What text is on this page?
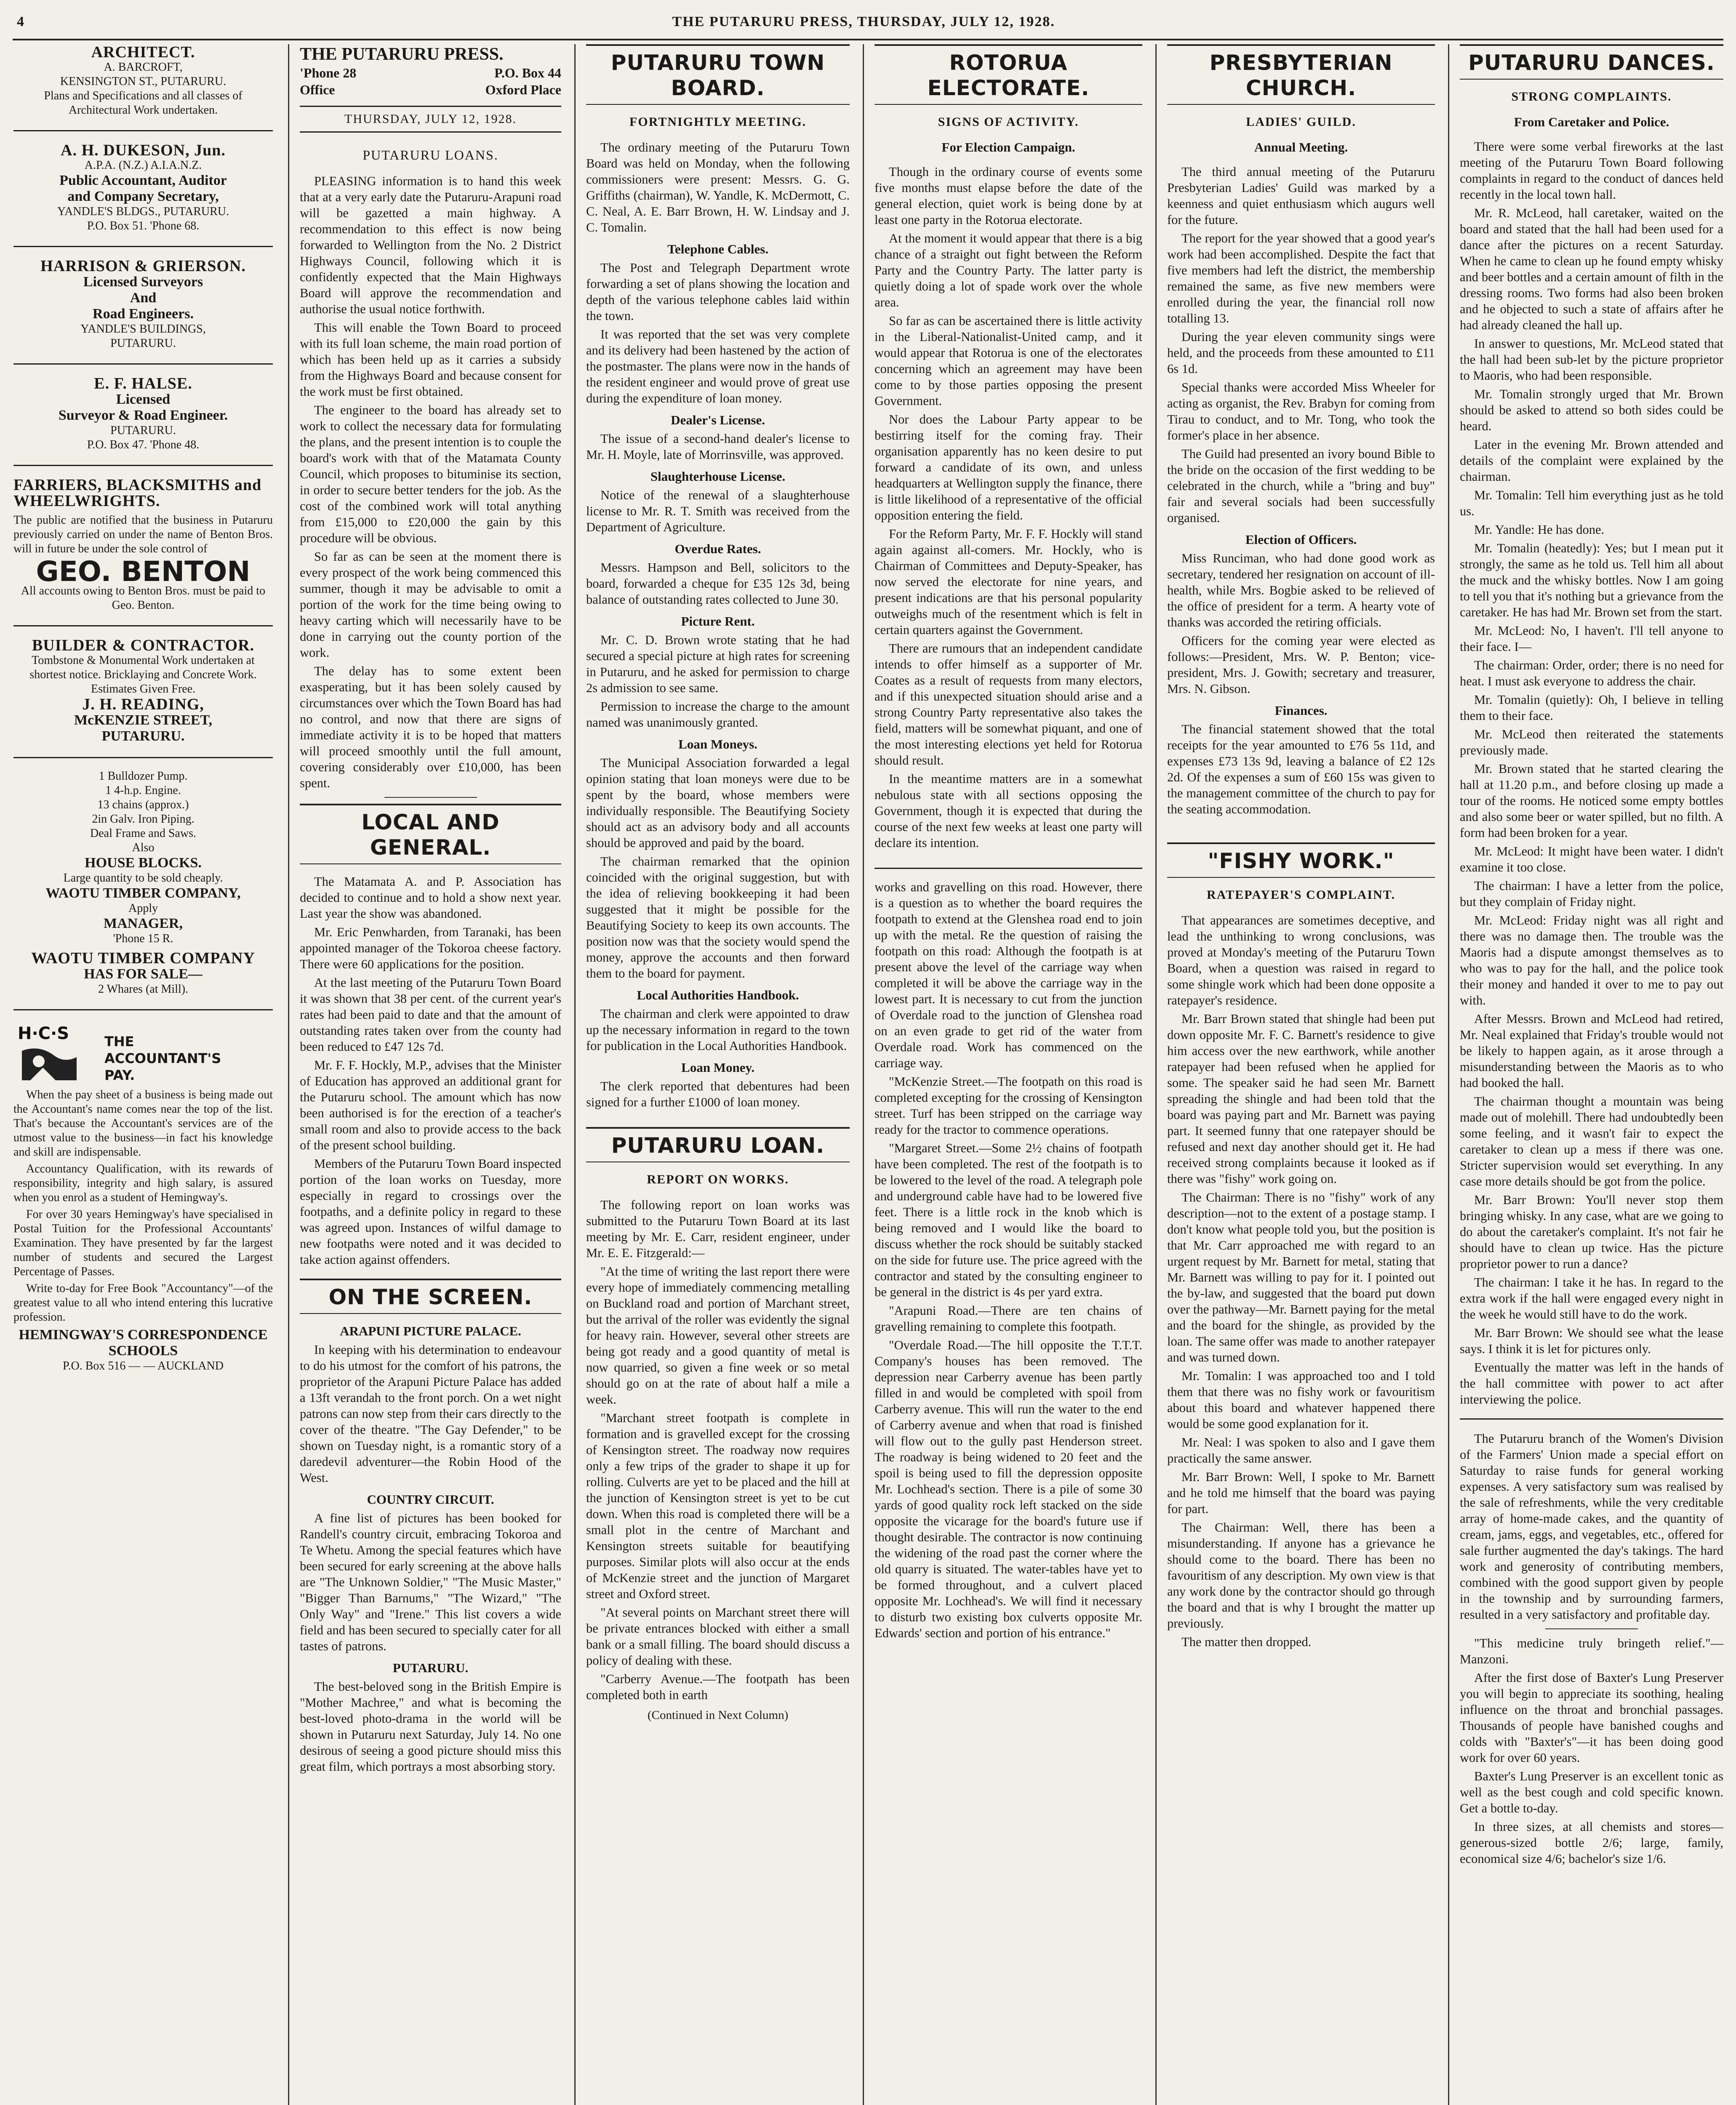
4	THE PUTARURU PRESS, THURSDAY, JULY 12, 1928.
ARCHITECT.
A. BARCROFT,
KENSINGTON ST., PUTARURU.
Plans and Specifications and all classes of Architectural Work undertaken.
A. H. DUKESON, Jun.
A.P.A. (N.Z.) A.I.A.N.Z.
Public Accountant, Auditor
and Company Secretary,
YANDLE'S BLDGS., PUTARURU.
P.O. Box 51. 'Phone 68.
HARRISON & GRIERSON.
Licensed Surveyors
And
Road Engineers.
YANDLE'S BUILDINGS,
PUTARURU.
E. F. HALSE.
Licensed
Surveyor & Road Engineer.
PUTARURU.
P.O. Box 47. 'Phone 48.
FARRIERS, BLACKSMITHS and WHEELWRIGHTS.
The public are notified that the business in Putaruru previously carried on under the name of Benton Bros. will in future be under the sole control of
GEO. BENTON
All accounts owing to Benton Bros. must be paid to Geo. Benton.
BUILDER & CONTRACTOR.
Tombstone & Monumental Work undertaken at shortest notice. Bricklaying and Concrete Work.
Estimates Given Free.
J. H. READING,
McKENZIE STREET,
PUTARURU.
1 Bulldozer Pump.
1 4-h.p. Engine.
13 chains (approx.)
2in Galv. Iron Piping.
Deal Frame and Saws.
Also
HOUSE BLOCKS.
Large quantity to be sold cheaply.
WAOTU TIMBER COMPANY,
Apply
MANAGER,
'Phone 15 R.
WAOTU TIMBER COMPANY
HAS FOR SALE—
2 Whares (at Mill).
H·C·S	THE
ACCOUNTANT'S
PAY.

When the pay sheet of a business is being made out the Accountant's name comes near the top of the list. That's because the Accountant's services are of the utmost value to the business—in fact his knowledge and skill are indispensable.

Accountancy Qualification, with its rewards of responsibility, integrity and high salary, is assured when you enrol as a student of Hemingway's.

For over 30 years Hemingway's have specialised in Postal Tuition for the Professional Accountants' Examination. They have presented by far the largest number of students and secured the Largest Percentage of Passes.

Write to-day for Free Book "Accountancy"—of the greatest value to all who intend entering this lucrative profession.

HEMINGWAY'S CORRESPONDENCE SCHOOLS
P.O. Box 516 — — AUCKLAND
THE PUTARURU PRESS.
'Phone 28	P.O. Box 44
Office	Oxford Place
THURSDAY, JULY 12, 1928.
PUTARURU LOANS.

PLEASING information is to hand this week that at a very early date the Putaruru-Arapuni road will be gazetted a main highway. A recommendation to this effect is now being forwarded to Wellington from the No. 2 District Highways Council, following which it is confidently expected that the Main Highways Board will approve the recommendation and authorise the usual notice forthwith.

This will enable the Town Board to proceed with its full loan scheme, the main road portion of which has been held up as it carries a subsidy from the Highways Board and because consent for the work must be first obtained.

The engineer to the board has already set to work to collect the necessary data for formulating the plans, and the present intention is to couple the board's work with that of the Matamata County Council, which proposes to bituminise its section, in order to secure better tenders for the job. As the cost of the combined work will total anything from £15,000 to £20,000 the gain by this procedure will be obvious.

So far as can be seen at the moment there is every prospect of the work being commenced this summer, though it may be advisable to omit a portion of the work for the time being owing to heavy carting which will necessarily have to be done in carrying out the county portion of the work.

The delay has to some extent been exasperating, but it has been solely caused by circumstances over which the Town Board has had no control, and now that there are signs of immediate activity it is to be hoped that matters will proceed smoothly until the full amount, covering considerably over £10,000, has been spent.

LOCAL AND GENERAL.

The Matamata A. and P. Association has decided to continue and to hold a show next year. Last year the show was abandoned.

Mr. Eric Penwharden, from Taranaki, has been appointed manager of the Tokoroa cheese factory. There were 60 applications for the position.

At the last meeting of the Putaruru Town Board it was shown that 38 per cent. of the current year's rates had been paid to date and that the amount of outstanding rates taken over from the county had been reduced to £47 12s 7d.

Mr. F. F. Hockly, M.P., advises that the Minister of Education has approved an additional grant for the Putaruru school. The amount which has now been authorised is for the erection of a teacher's small room and also to provide access to the back of the present school building.

Members of the Putaruru Town Board inspected portion of the loan works on Tuesday, more especially in regard to crossings over the footpaths, and a definite policy in regard to these was agreed upon. Instances of wilful damage to new footpaths were noted and it was decided to take action against offenders.

ON THE SCREEN.
ARAPUNI PICTURE PALACE.

In keeping with his determination to endeavour to do his utmost for the comfort of his patrons, the proprietor of the Arapuni Picture Palace has added a 13ft verandah to the front porch. On a wet night patrons can now step from their cars directly to the cover of the theatre. "The Gay Defender," to be shown on Tuesday night, is a romantic story of a daredevil adventurer—the Robin Hood of the West.

COUNTRY CIRCUIT.

A fine list of pictures has been booked for Randell's country circuit, embracing Tokoroa and Te Whetu. Among the special features which have been secured for early screening at the above halls are "The Unknown Soldier," "The Music Master," "Bigger Than Barnums," "The Wizard," "The Only Way" and "Irene." This list covers a wide field and has been secured to specially cater for all tastes of patrons.

PUTARURU.

The best-beloved song in the British Empire is "Mother Machree," and what is becoming the best-loved photo-drama in the world will be shown in Putaruru next Saturday, July 14. No one desirous of seeing a good picture should miss this great film, which portrays a most absorbing story.

PUTARURU TOWN BOARD.
FORTNIGHTLY MEETING.

The ordinary meeting of the Putaruru Town Board was held on Monday, when the following commissioners were present: Messrs. G. G. Griffiths (chairman), W. Yandle, K. McDermott, C. C. Neal, A. E. Barr Brown, H. W. Lindsay and J. C. Tomalin.

Telephone Cables.

The Post and Telegraph Department wrote forwarding a set of plans showing the location and depth of the various telephone cables laid within the town.

It was reported that the set was very complete and its delivery had been hastened by the action of the postmaster. The plans were now in the hands of the resident engineer and would prove of great use during the expenditure of loan money.

Dealer's License.

The issue of a second-hand dealer's license to Mr. H. Moyle, late of Morrinsville, was approved.

Slaughterhouse License.

Notice of the renewal of a slaughterhouse license to Mr. R. T. Smith was received from the Department of Agriculture.

Overdue Rates.

Messrs. Hampson and Bell, solicitors to the board, forwarded a cheque for £35 12s 3d, being balance of outstanding rates collected to June 30.

Picture Rent.

Mr. C. D. Brown wrote stating that he had secured a special picture at high rates for screening in Putaruru, and he asked for permission to charge 2s admission to see same.

Permission to increase the charge to the amount named was unanimously granted.

Loan Moneys.

The Municipal Association forwarded a legal opinion stating that loan moneys were due to be spent by the board, whose members were individually responsible. The Beautifying Society should act as an advisory body and all accounts should be approved and paid by the board.

The chairman remarked that the opinion coincided with the original suggestion, but with the idea of relieving bookkeeping it had been suggested that it might be possible for the Beautifying Society to keep its own accounts. The position now was that the society would spend the money, approve the accounts and then forward them to the board for payment.

Local Authorities Handbook.

The chairman and clerk were appointed to draw up the necessary information in regard to the town for publication in the Local Authorities Handbook.

Loan Money.

The clerk reported that debentures had been signed for a further £1000 of loan money.

PUTARURU LOAN.
REPORT ON WORKS.

The following report on loan works was submitted to the Putaruru Town Board at its last meeting by Mr. E. Carr, resident engineer, under Mr. E. E. Fitzgerald:—

"At the time of writing the last report there were every hope of immediately commencing metalling on Buckland road and portion of Marchant street, but the arrival of the roller was evidently the signal for heavy rain. However, several other streets are being got ready and a good quantity of metal is now quarried, so given a fine week or so metal should go on at the rate of about half a mile a week.

"Marchant street footpath is complete in formation and is gravelled except for the crossing of Kensington street. The roadway now requires only a few trips of the grader to shape it up for rolling. Culverts are yet to be placed and the hill at the junction of Kensington street is yet to be cut down. When this road is completed there will be a small plot in the centre of Marchant and Kensington streets suitable for beautifying purposes. Similar plots will also occur at the ends of McKenzie street and the junction of Margaret street and Oxford street.

"At several points on Marchant street there will be private entrances blocked with either a small bank or a small filling. The board should discuss a policy of dealing with these.

"Carberry Avenue.—The footpath has been completed both in earth

(Continued in Next Column)
ROTORUA ELECTORATE.
SIGNS OF ACTIVITY.
For Election Campaign.

Though in the ordinary course of events some five months must elapse before the date of the general election, quiet work is being done by at least one party in the Rotorua electorate.

At the moment it would appear that there is a big chance of a straight out fight between the Reform Party and the Country Party. The latter party is quietly doing a lot of spade work over the whole area.

So far as can be ascertained there is little activity in the Liberal-Nationalist-United camp, and it would appear that Rotorua is one of the electorates concerning which an agreement may have been come to by those parties opposing the present Government.

Nor does the Labour Party appear to be bestirring itself for the coming fray. Their organisation apparently has no keen desire to put forward a candidate of its own, and unless headquarters at Wellington supply the finance, there is little likelihood of a representative of the official opposition entering the field.

For the Reform Party, Mr. F. F. Hockly will stand again against all-comers. Mr. Hockly, who is Chairman of Committees and Deputy-Speaker, has now served the electorate for nine years, and present indications are that his personal popularity outweighs much of the resentment which is felt in certain quarters against the Government.

There are rumours that an independent candidate intends to offer himself as a supporter of Mr. Coates as a result of requests from many electors, and if this unexpected situation should arise and a strong Country Party representative also takes the field, matters will be somewhat piquant, and one of the most interesting elections yet held for Rotorua should result.

In the meantime matters are in a somewhat nebulous state with all sections opposing the Government, though it is expected that during the course of the next few weeks at least one party will declare its intention.

works and gravelling on this road. However, there is a question as to whether the board requires the footpath to extend at the Glenshea road end to join up with the metal. Re the question of raising the footpath on this road: Although the footpath is at present above the level of the carriage way when completed it will be above the carriage way in the lowest part. It is necessary to cut from the junction of Overdale road to the junction of Glenshea road on an even grade to get rid of the water from Overdale road. Work has commenced on the carriage way.

"McKenzie Street.—The footpath on this road is completed excepting for the crossing of Kensington street. Turf has been stripped on the carriage way ready for the tractor to commence operations.

"Margaret Street.—Some 2½ chains of footpath have been completed. The rest of the footpath is to be lowered to the level of the road. A telegraph pole and underground cable have had to be lowered five feet. There is a little rock in the knob which is being removed and I would like the board to discuss whether the rock should be suitably stacked on the side for future use. The price agreed with the contractor and stated by the consulting engineer to be general in the district is 4s per yard extra.

"Arapuni Road.—There are ten chains of gravelling remaining to complete this footpath.

"Overdale Road.—The hill opposite the T.T.T. Company's houses has been removed. The depression near Carberry avenue has been partly filled in and would be completed with spoil from Carberry avenue. This will run the water to the end of Carberry avenue and when that road is finished will flow out to the gully past Henderson street. The roadway is being widened to 20 feet and the spoil is being used to fill the depression opposite Mr. Lochhead's section. There is a pile of some 30 yards of good quality rock left stacked on the side opposite the vicarage for the board's future use if thought desirable. The contractor is now continuing the widening of the road past the corner where the old quarry is situated. The water-tables have yet to be formed throughout, and a culvert placed opposite Mr. Lochhead's. We will find it necessary to disturb two existing box culverts opposite Mr. Edwards' section and portion of his entrance."

PRESBYTERIAN CHURCH.
LADIES' GUILD.
Annual Meeting.

The third annual meeting of the Putaruru Presbyterian Ladies' Guild was marked by a keenness and quiet enthusiasm which augurs well for the future.

The report for the year showed that a good year's work had been accomplished. Despite the fact that five members had left the district, the membership remained the same, as five new members were enrolled during the year, the financial roll now totalling 13.

During the year eleven community sings were held, and the proceeds from these amounted to £11 6s 1d.

Special thanks were accorded Miss Wheeler for acting as organist, the Rev. Brabyn for coming from Tirau to conduct, and to Mr. Tong, who took the former's place in her absence.

The Guild had presented an ivory bound Bible to the bride on the occasion of the first wedding to be celebrated in the church, while a "bring and buy" fair and several socials had been successfully organised.

Election of Officers.

Miss Runciman, who had done good work as secretary, tendered her resignation on account of ill-health, while Mrs. Bogbie asked to be relieved of the office of president for a term. A hearty vote of thanks was accorded the retiring officials.

Officers for the coming year were elected as follows:—President, Mrs. W. P. Benton; vice-president, Mrs. J. Gowith; secretary and treasurer, Mrs. N. Gibson.

Finances.

The financial statement showed that the total receipts for the year amounted to £76 5s 11d, and expenses £73 13s 9d, leaving a balance of £2 12s 2d. Of the expenses a sum of £60 15s was given to the management committee of the church to pay for the seating accommodation.

"FISHY WORK."
RATEPAYER'S COMPLAINT.

That appearances are sometimes deceptive, and lead the unthinking to wrong conclusions, was proved at Monday's meeting of the Putaruru Town Board, when a question was raised in regard to some shingle work which had been done opposite a ratepayer's residence.

Mr. Barr Brown stated that shingle had been put down opposite Mr. F. C. Barnett's residence to give him access over the new earthwork, while another ratepayer had been refused when he applied for some. The speaker said he had seen Mr. Barnett spreading the shingle and had been told that the board was paying part and Mr. Barnett was paying part. It seemed funny that one ratepayer should be refused and next day another should get it. He had received strong complaints because it looked as if there was "fishy" work going on.

The Chairman: There is no "fishy" work of any description—not to the extent of a postage stamp. I don't know what people told you, but the position is that Mr. Carr approached me with regard to an urgent request by Mr. Barnett for metal, stating that Mr. Barnett was willing to pay for it. I pointed out the by-law, and suggested that the board put down over the pathway—Mr. Barnett paying for the metal and the board for the shingle, as provided by the loan. The same offer was made to another ratepayer and was turned down.

Mr. Tomalin: I was approached too and I told them that there was no fishy work or favouritism about this board and whatever happened there would be some good explanation for it.

Mr. Neal: I was spoken to also and I gave them practically the same answer.

Mr. Barr Brown: Well, I spoke to Mr. Barnett and he told me himself that the board was paying for part.

The Chairman: Well, there has been a misunderstanding. If anyone has a grievance he should come to the board. There has been no favouritism of any description. My own view is that any work done by the contractor should go through the board and that is why I brought the matter up previously.

The matter then dropped.

PUTARURU DANCES.
STRONG COMPLAINTS.
From Caretaker and Police.

There were some verbal fireworks at the last meeting of the Putaruru Town Board following complaints in regard to the conduct of dances held recently in the local town hall.

Mr. R. McLeod, hall caretaker, waited on the board and stated that the hall had been used for a dance after the pictures on a recent Saturday. When he came to clean up he found empty whisky and beer bottles and a certain amount of filth in the dressing rooms. Two forms had also been broken and he objected to such a state of affairs after he had already cleaned the hall up.

In answer to questions, Mr. McLeod stated that the hall had been sub-let by the picture proprietor to Maoris, who had been responsible.

Mr. Tomalin strongly urged that Mr. Brown should be asked to attend so both sides could be heard.

Later in the evening Mr. Brown attended and details of the complaint were explained by the chairman.

Mr. Tomalin: Tell him everything just as he told us.

Mr. Yandle: He has done.

Mr. Tomalin (heatedly): Yes; but I mean put it strongly, the same as he told us. Tell him all about the muck and the whisky bottles. Now I am going to tell you that it's nothing but a grievance from the caretaker. He has had Mr. Brown set from the start.

Mr. McLeod: No, I haven't. I'll tell anyone to their face. I—

The chairman: Order, order; there is no need for heat. I must ask everyone to address the chair.

Mr. Tomalin (quietly): Oh, I believe in telling them to their face.

Mr. McLeod then reiterated the statements previously made.

Mr. Brown stated that he started clearing the hall at 11.20 p.m., and before closing up made a tour of the rooms. He noticed some empty bottles and also some beer or water spilled, but no filth. A form had been broken for a year.

Mr. McLeod: It might have been water. I didn't examine it too close.

The chairman: I have a letter from the police, but they complain of Friday night.

Mr. McLeod: Friday night was all right and there was no damage then. The trouble was the Maoris had a dispute amongst themselves as to who was to pay for the hall, and the police took their money and handed it over to me to pay out with.

After Messrs. Brown and McLeod had retired, Mr. Neal explained that Friday's trouble would not be likely to happen again, as it arose through a misunderstanding between the Maoris as to who had booked the hall.

The chairman thought a mountain was being made out of molehill. There had undoubtedly been some feeling, and it wasn't fair to expect the caretaker to clean up a mess if there was one. Stricter supervision would set everything. In any case more details should be got from the police.

Mr. Barr Brown: You'll never stop them bringing whisky. In any case, what are we going to do about the caretaker's complaint. It's not fair he should have to clean up twice. Has the picture proprietor power to run a dance?

The chairman: I take it he has. In regard to the extra work if the hall were engaged every night in the week he would still have to do the work.

Mr. Barr Brown: We should see what the lease says. I think it is let for pictures only.

Eventually the matter was left in the hands of the hall committee with power to act after interviewing the police.

The Putaruru branch of the Women's Division of the Farmers' Union made a special effort on Saturday to raise funds for general working expenses. A very satisfactory sum was realised by the sale of refreshments, while the very creditable array of home-made cakes, and the quantity of cream, jams, eggs, and vegetables, etc., offered for sale further augmented the day's takings. The hard work and generosity of contributing members, combined with the good support given by people in the township and by surrounding farmers, resulted in a very satisfactory and profitable day.

"This medicine truly bringeth relief."—Manzoni.

After the first dose of Baxter's Lung Preserver you will begin to appreciate its soothing, healing influence on the throat and bronchial passages. Thousands of people have banished coughs and colds with "Baxter's"—it has been doing good work for over 60 years.

Baxter's Lung Preserver is an excellent tonic as well as the best cough and cold specific known. Get a bottle to-day.

In three sizes, at all chemists and stores—generous-sized bottle 2/6; large, family, economical size 4/6; bachelor's size 1/6.
